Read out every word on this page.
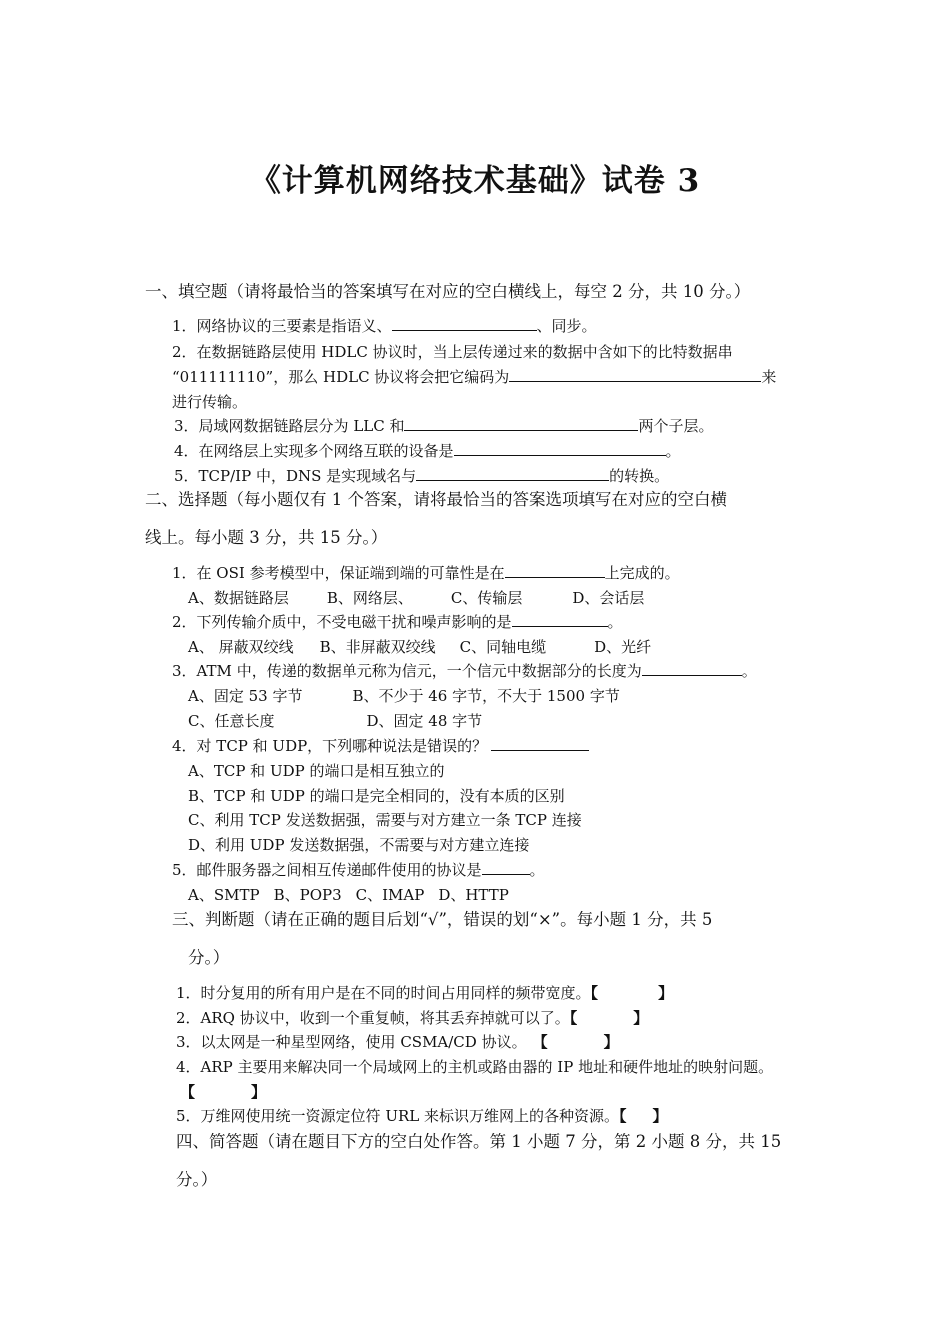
《计算机网络技术基础》试卷 3
一、填空题（请将最恰当的答案填写在对应的空白横线上，每空 2 分，共 10 分。）
1．网络协议的三要素是指语义、	、同步。
2．在数据链路层使用 HDLC 协议时，当上层传递过来的数据中含如下的比特数据串
“011111110”，那么 HDLC 协议将会把它编码为	来
进行传输。
3．局域网数据链路层分为 LLC 和	两个子层。
4．在网络层上实现多个网络互联的设备是	。
5．TCP/IP 中，DNS 是实现域名与	的转换。
二、选择题（每小题仅有 1 个答案，请将最恰当的答案选项填写在对应的空白横
线上。每小题 3 分，共 15 分。）
1．在 OSI 参考模型中，保证端到端的可靠性是在	上完成的。
A、数据链路层	B、网络层、	C、传输层	D、会话层
2．下列传输介质中，不受电磁干扰和噪声影响的是	。
A、 屏蔽双绞线 B、非屏蔽双绞线 C、同轴电缆	D、光纤
3．ATM 中，传递的数据单元称为信元，一个信元中数据部分的长度为	。
A、固定 53 字节	B、不少于 46 字节，不大于 1500 字节
C、任意长度	D、固定 48 字节
4．对 TCP 和 UDP，下列哪种说法是错误的？
A、TCP 和 UDP 的端口是相互独立的
B、TCP 和 UDP 的端口是完全相同的，没有本质的区别
C、利用 TCP 发送数据强，需要与对方建立一条 TCP 连接
D、利用 UDP 发送数据强，不需要与对方建立连接
5．邮件服务器之间相互传递邮件使用的协议是	。
A、SMTP B、POP3 C、IMAP D、HTTP
三、判断题（请在正确的题目后划“√”，错误的划“×”。每小题 1 分，共 5
分。）
1．时分复用的所有用户是在不同的时间占用同样的频带宽度。【	】
2．ARQ 协议中，收到一个重复帧，将其丢弃掉就可以了。【	】
3．以太网是一种星型网络，使用 CSMA/CD 协议。 【	】
4．ARP 主要用来解决同一个局域网上的主机或路由器的 IP 地址和硬件地址的映射问题。
【	】
5．万维网使用统一资源定位符 URL 来标识万维网上的各种资源。【 】
四、简答题（请在题目下方的空白处作答。第 1 小题 7 分，第 2 小题 8 分，共 15
分。）
